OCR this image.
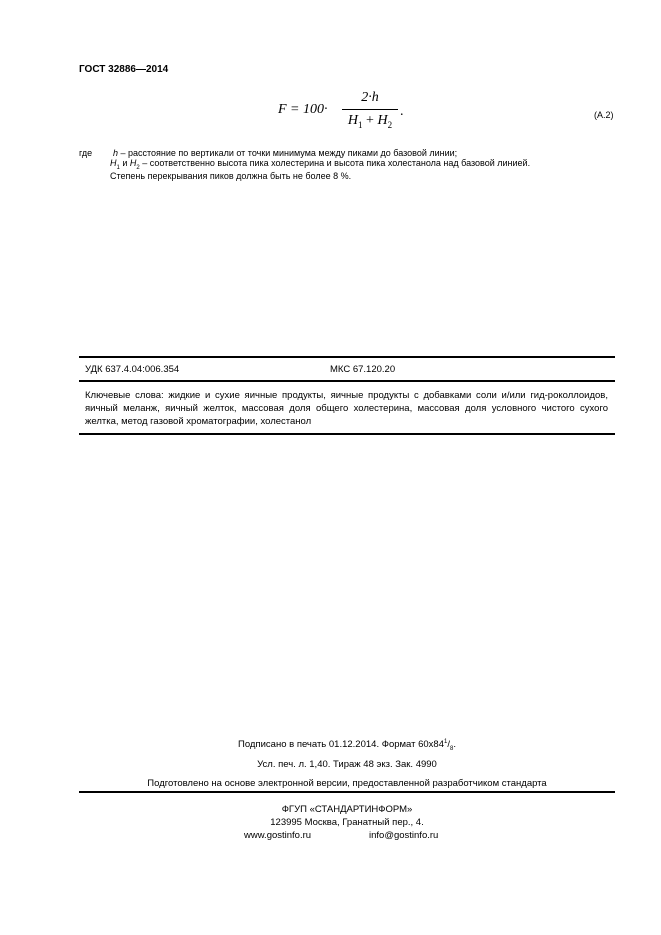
ГОСТ 32886—2014
F = 100·
2·h
$H_1 + H_2$
.	(А.2)
где h – расстояние по вертикали от точки минимума между пиками до базовой линии;
$H_1$ и $H_2$ – соответственно высота пика холестерина и высота пика холестанола над базовой линией.
Степень перекрывания пиков должна быть не более 8 %.
УДК 637.4.04:006.354	МКС 67.120.20
Ключевые слова: жидкие и сухие яичные продукты, яичные продукты с добавками соли и/или гид-роколлоидов, яичный меланж, яичный желток, массовая доля общего холестерина, массовая доля условного чистого сухого желтка, метод газовой хроматографии, холестанол
Подписано в печать 01.12.2014. Формат $60x84^1/_8$.
Усл. печ. л. 1,40. Тираж 48 экз. Зак. 4990
Подготовлено на основе электронной версии, предоставленной разработчиком стандарта
ФГУП «СТАНДАРТИНФОРМ»
123995 Москва, Гранатный пер., 4.
www.gostinfo.ru	info@gostinfo.ru
